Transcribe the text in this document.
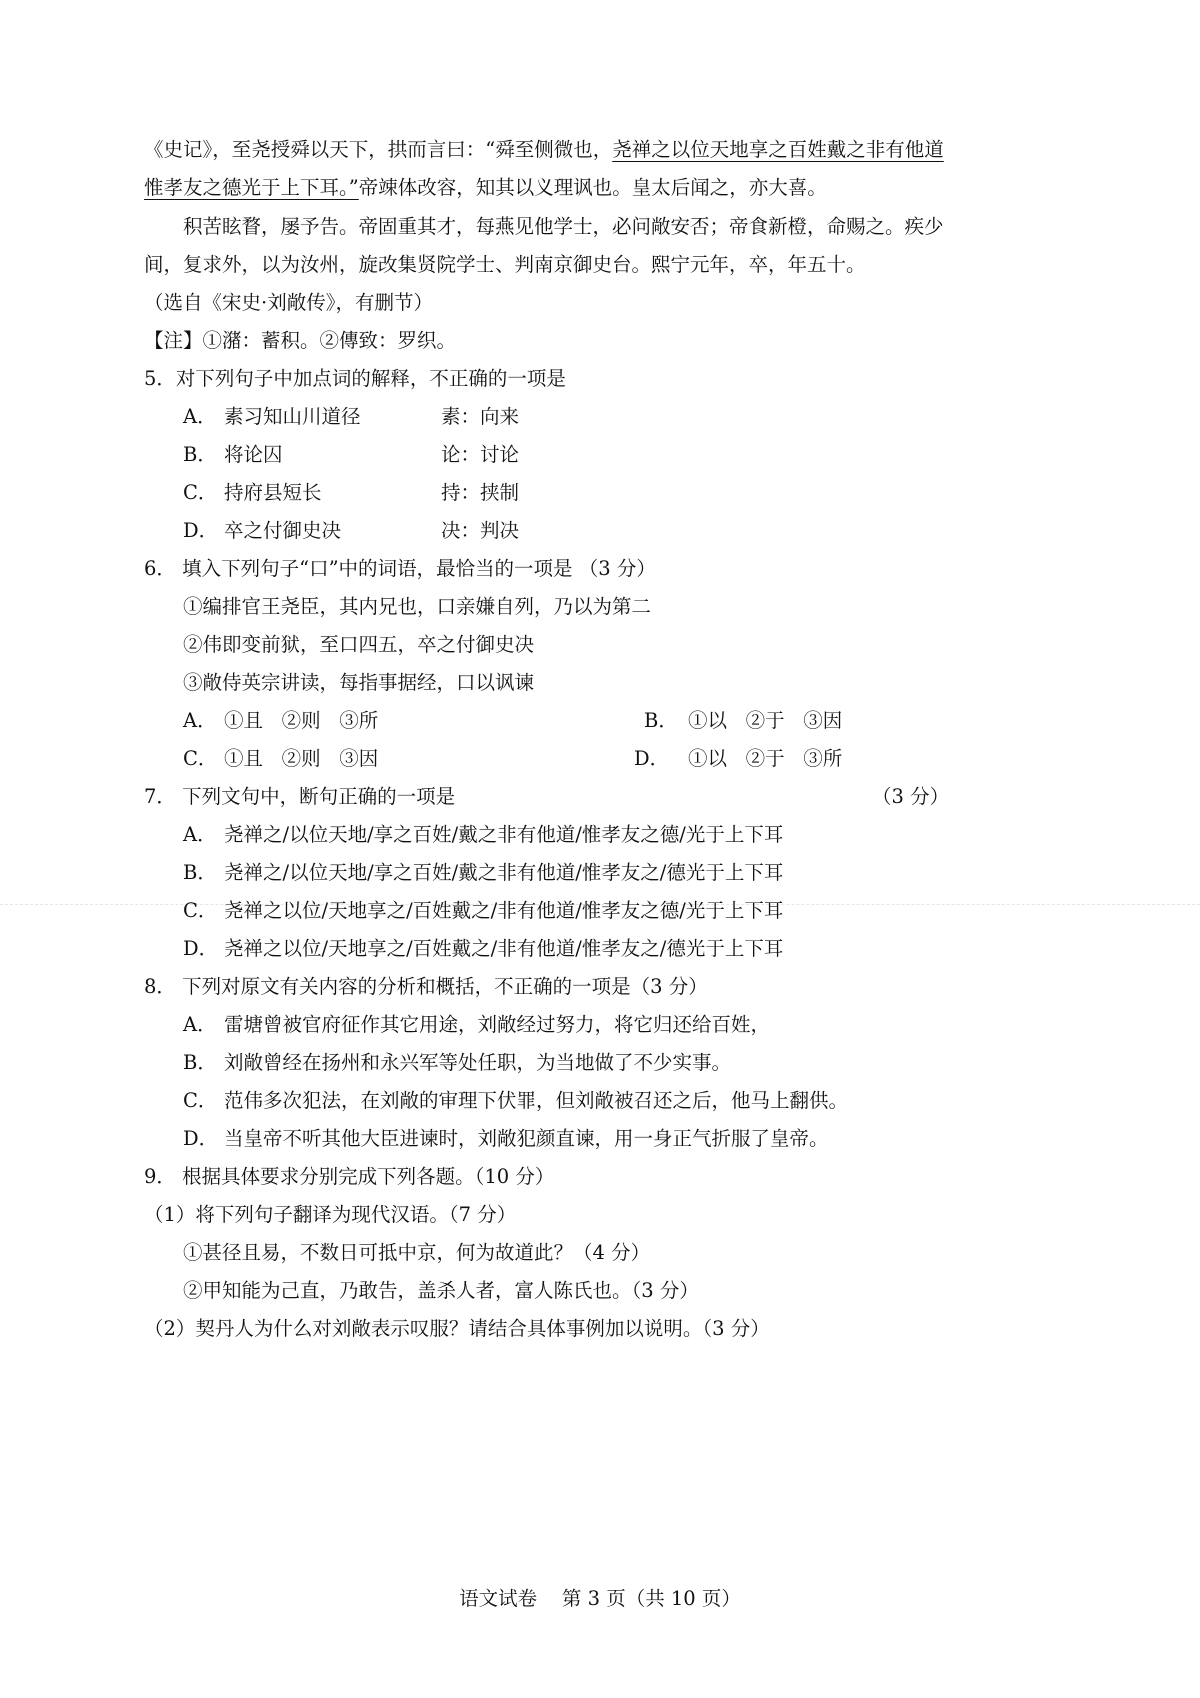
《史记》，至尧授舜以天下，拱而言曰：“舜至侧微也，尧禅之以位天地享之百姓戴之非有他道
惟孝友之德光于上下耳。”帝竦体改容，知其以义理讽也。皇太后闻之，亦大喜。
积苦眩瞀，屡予告。帝固重其才，每燕见他学士，必问敞安否；帝食新橙，命赐之。疾少
间，复求外，以为汝州，旋改集贤院学士、判南京御史台。熙宁元年，卒，年五十。
（选自《宋史·刘敞传》，有删节）
【注】①潴：蓄积。②傳致：罗织。
5．对下列句子中加点词的解释，不正确的一项是
A． 素习知山川道径	素：向来
B． 将论囚	论：讨论
C． 持府县短长	持：挟制
D． 卒之付御史决	决：判决
6． 填入下列句子“口”中的词语，最恰当的一项是 （3 分）
①编排官王尧臣，其内兄也，口亲嫌自列，乃以为第二
②伟即变前狱，至口四五，卒之付御史决
③敞侍英宗讲读，每指事据经，口以讽谏
A． ①且   ②则   ③所	B． ①以   ②于   ③因
C． ①且   ②则   ③因	D． ①以   ②于   ③所
7． 下列文句中，断句正确的一项是	（3 分）
A． 尧禅之/以位天地/享之百姓/戴之非有他道/惟孝友之德/光于上下耳
B． 尧禅之/以位天地/享之百姓/戴之非有他道/惟孝友之/德光于上下耳
C． 尧禅之以位/天地享之/百姓戴之/非有他道/惟孝友之德/光于上下耳
D． 尧禅之以位/天地享之/百姓戴之/非有他道/惟孝友之/德光于上下耳
8． 下列对原文有关内容的分析和概括，不正确的一项是（3 分）
A． 雷塘曾被官府征作其它用途，刘敞经过努力，将它归还给百姓，
B． 刘敞曾经在扬州和永兴军等处任职，为当地做了不少实事。
C． 范伟多次犯法，在刘敞的审理下伏罪，但刘敞被召还之后，他马上翻供。
D． 当皇帝不听其他大臣进谏时，刘敞犯颜直谏，用一身正气折服了皇帝。
9． 根据具体要求分别完成下列各题。（10 分）
（1）将下列句子翻译为现代汉语。（7 分）
①甚径且易，不数日可抵中京，何为故道此？（4 分）
②甲知能为己直，乃敢告，盖杀人者，富人陈氏也。（3 分）
（2）契丹人为什么对刘敞表示叹服？请结合具体事例加以说明。（3 分）
语文试卷    第 3 页（共 10 页）
